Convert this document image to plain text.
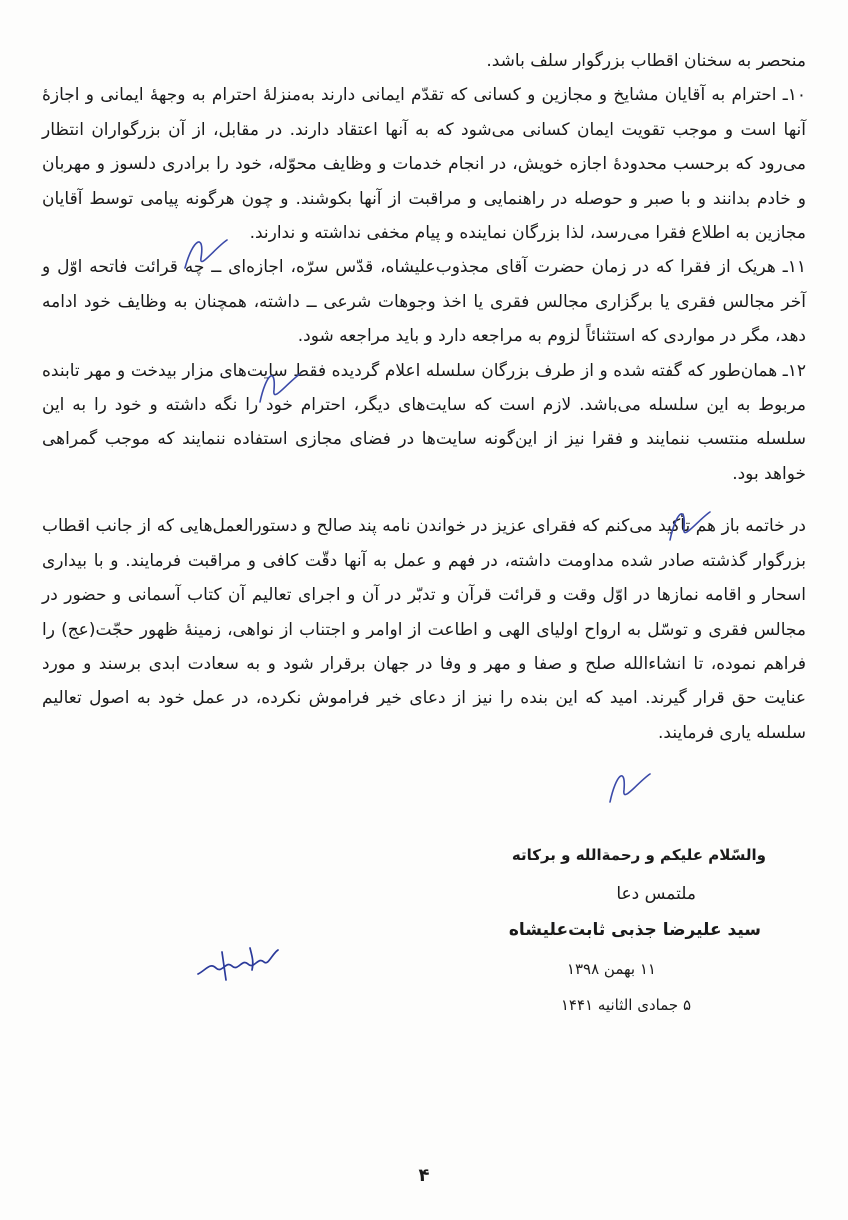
منحصر به سخنان اقطاب بزرگوار سلف باشد.

۱۰ـ احترام به آقایان مشایخ و مجازین و کسانی که تقدّم ایمانی دارند به‌منزلهٔ احترام به وجههٔ ایمانی و اجازهٔ آنها است و موجب تقویت ایمان کسانی می‌شود که به آنها اعتقاد دارند. در مقابل، از آن بزرگواران انتظار می‌رود که برحسب محدودهٔ اجازه خویش، در انجام خدمات و وظایف محوّله، خود را برادری دلسوز و مهربان و خادم بدانند و با صبر و حوصله در راهنمایی و مراقبت از آنها بکوشند. و چون هرگونه پیامی توسط آقایان مجازین به اطلاع فقرا می‌رسد، لذا بزرگان نماینده و پیام مخفی نداشته و ندارند.

۱۱ـ هریک از فقرا که در زمان حضرت آقای مجذوب‌علیشاه، قدّس سرّه، اجازه‌ای ــ چه قرائت فاتحه اوّل و آخر مجالس فقری یا برگزاری مجالس فقری یا اخذ وجوهات شرعی ــ داشته، همچنان به وظایف خود ادامه دهد، مگر در مواردی که استثنائاً لزوم به مراجعه دارد و باید مراجعه شود.

۱۲ـ همان‌طور که گفته شده و از طرف بزرگان سلسله اعلام گردیده فقط سایت‌های مزار بیدخت و مهر تابنده مربوط به این سلسله می‌باشد. لازم است که سایت‌های دیگر، احترام خود را نگه داشته و خود را به این سلسله منتسب ننمایند و فقرا نیز از این‌گونه سایت‌ها در فضای مجازی استفاده ننمایند که موجب گمراهی خواهد بود.

در خاتمه باز هم تأکید می‌کنم که فقرای عزیز در خواندن نامه پند صالح و دستورالعمل‌هایی که از جانب اقطاب بزرگوار گذشته صادر شده مداومت داشته، در فهم و عمل به آنها دقّت کافی و مراقبت فرمایند. و با بیداری اسحار و اقامه نمازها در اوّل وقت و قرائت قرآن و تدبّر در آن و اجرای تعالیم آن کتاب آسمانی و حضور در مجالس فقری و توسّل به ارواح اولیای الهی و اطاعت از اوامر و اجتناب از نواهی، زمینهٔ ظهور حجّت(عج) را فراهم نموده، تا انشاءالله صلح و صفا و مهر و وفا در جهان برقرار شود و به سعادت ابدی برسند و مورد عنایت حق قرار گیرند. امید که این بنده را نیز از دعای خیر فراموش نکرده، در عمل خود به اصول تعالیم سلسله یاری فرمایند.

والسّلام علیکم و رحمةالله و برکاته
ملتمس دعا
سید علیرضا جذبی ثابت‌علیشاه
۱۱ بهمن ۱۳۹۸
۵ جمادی الثانیه ۱۴۴۱
۴
